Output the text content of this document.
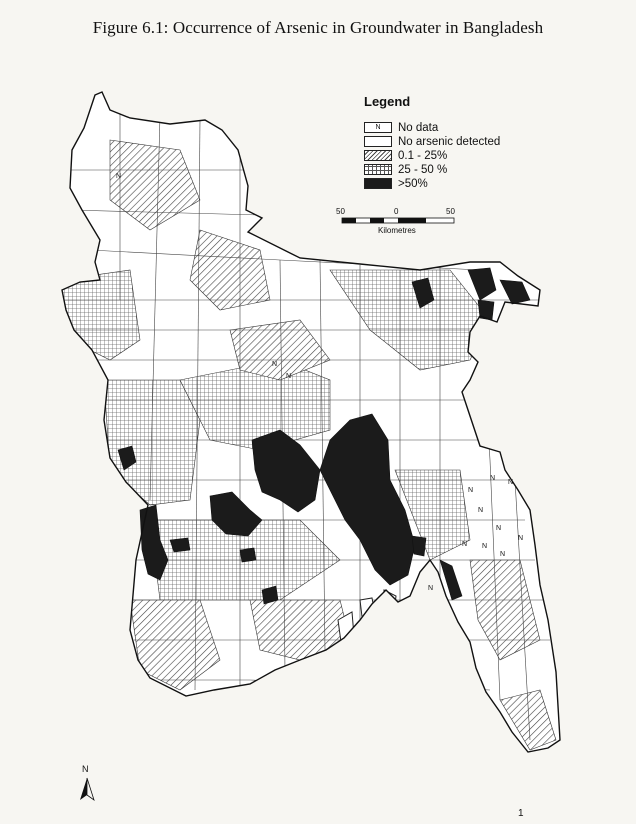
Figure 6.1: Occurrence of Arsenic in Groundwater in Bangladesh
N
N
N
N
N
N
N
N
N N
N
N
N
Legend
N	No data
No arsenic detected
0.1 - 25%
25 - 50 %
>50%
50	0	50
Kilometres
N
1
